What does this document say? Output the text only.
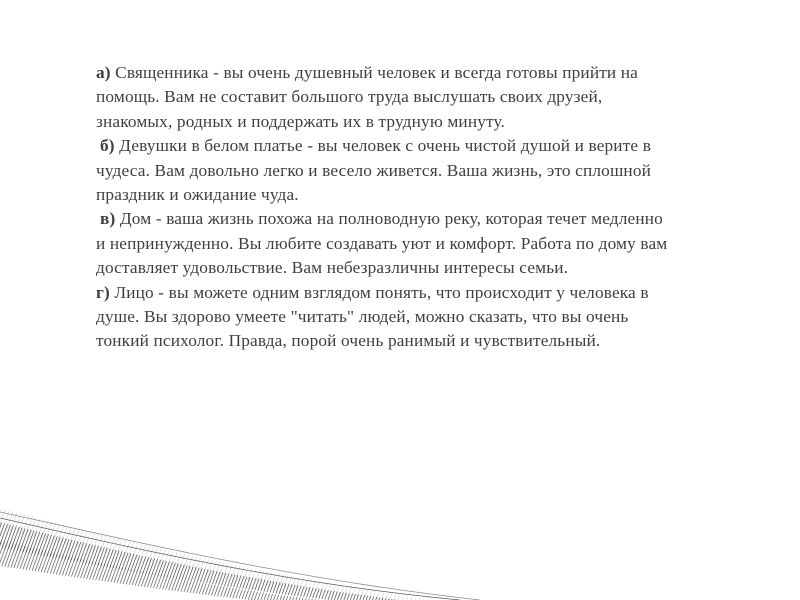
а) Священника - вы очень душевный человек и всегда готовы прийти на помощь. Вам не составит большого труда выслушать своих друзей, знакомых, родных и поддержать их в трудную минуту.

б) Девушки в белом платье - вы человек с очень чистой душой и верите в чудеса. Вам довольно легко и весело живется. Ваша жизнь, это сплошной праздник и ожидание чуда.

в) Дом - ваша жизнь похожа на полноводную реку, которая течет медленно и непринужденно. Вы любите создавать уют и комфорт. Работа по дому вам доставляет удовольствие. Вам небезразличны интересы семьи.

г) Лицо - вы можете одним взглядом понять, что происходит у человека в душе. Вы здорово умеете "читать" людей, можно сказать, что вы очень тонкий психолог. Правда, порой очень ранимый и чувствительный.
